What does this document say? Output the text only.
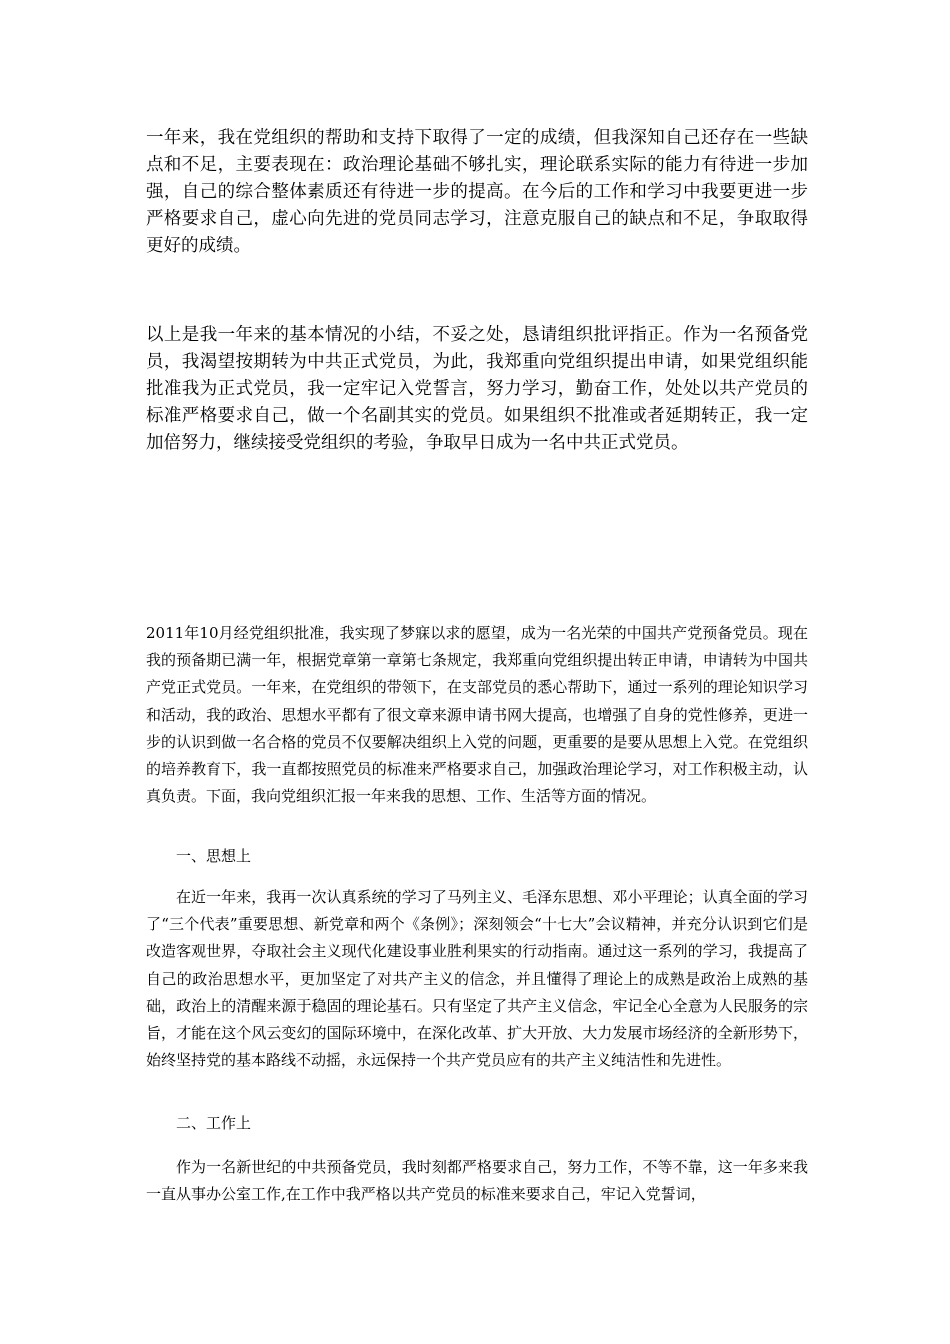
一年来，我在党组织的帮助和支持下取得了一定的成绩，但我深知自己还存在一些缺点和不足，主要表现在：政治理论基础不够扎实，理论联系实际的能力有待进一步加强，自己的综合整体素质还有待进一步的提高。在今后的工作和学习中我要更进一步严格要求自己，虚心向先进的党员同志学习，注意克服自己的缺点和不足，争取取得更好的成绩。

以上是我一年来的基本情况的小结，不妥之处，恳请组织批评指正。作为一名预备党员，我渴望按期转为中共正式党员，为此，我郑重向党组织提出申请，如果党组织能批准我为正式党员，我一定牢记入党誓言，努力学习，勤奋工作，处处以共产党员的标准严格要求自己，做一个名副其实的党员。如果组织不批准或者延期转正，我一定加倍努力，继续接受党组织的考验，争取早日成为一名中共正式党员。

2011年10月经党组织批准，我实现了梦寐以求的愿望，成为一名光荣的中国共产党预备党员。现在我的预备期已满一年，根据党章第一章第七条规定，我郑重向党组织提出转正申请，申请转为中国共产党正式党员。一年来，在党组织的带领下，在支部党员的悉心帮助下，通过一系列的理论知识学习和活动，我的政治、思想水平都有了很文章来源申请书网大提高，也增强了自身的党性修养，更进一步的认识到做一名合格的党员不仅要解决组织上入党的问题，更重要的是要从思想上入党。在党组织的培养教育下，我一直都按照党员的标准来严格要求自己，加强政治理论学习，对工作积极主动，认真负责。下面，我向党组织汇报一年来我的思想、工作、生活等方面的情况。

一、思想上

在近一年来，我再一次认真系统的学习了马列主义、毛泽东思想、邓小平理论；认真全面的学习了“三个代表”重要思想、新党章和两个《条例》；深刻领会“十七大”会议精神，并充分认识到它们是改造客观世界，夺取社会主义现代化建设事业胜利果实的行动指南。通过这一系列的学习，我提高了自己的政治思想水平，更加坚定了对共产主义的信念，并且懂得了理论上的成熟是政治上成熟的基础，政治上的清醒来源于稳固的理论基石。只有坚定了共产主义信念，牢记全心全意为人民服务的宗旨，才能在这个风云变幻的国际环境中，在深化改革、扩大开放、大力发展市场经济的全新形势下，始终坚持党的基本路线不动摇，永远保持一个共产党员应有的共产主义纯洁性和先进性。

二、工作上

作为一名新世纪的中共预备党员，我时刻都严格要求自己，努力工作，不等不靠，这一年多来我一直从事办公室工作,在工作中我严格以共产党员的标准来要求自己，牢记入党誓词，
